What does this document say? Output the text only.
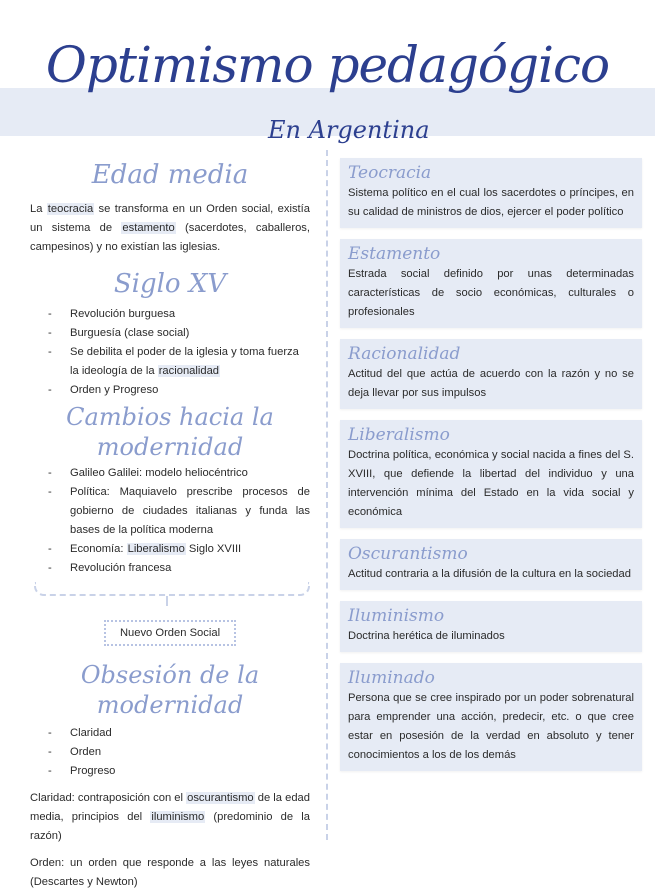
Optimismo pedagógico
En Argentina
Edad media

La teocracia se transforma en un Orden social, existía un sistema de estamento (sacerdotes, caballeros, campesinos) y no existían las iglesias.

Siglo XV
- Revolución burguesa
- Burguesía (clase social)
- Se debilita el poder de la iglesia y toma fuerza la ideología de la racionalidad
- Orden y Progreso
Cambios hacia la modernidad
- Galileo Galilei: modelo heliocéntrico
- Política: Maquiavelo prescribe procesos de gobierno de ciudades italianas y funda las bases de la política moderna
- Economía: Liberalismo Siglo XVIII
- Revolución francesa
Nuevo Orden Social
Obsesión de la modernidad
- Claridad
- Orden
- Progreso

Claridad: contraposición con el oscurantismo de la edad media, principios del iluminismo (predominio de la razón)

Orden: un orden que responde a las leyes naturales (Descartes y Newton)

Teocracia
Sistema político en el cual los sacerdotes o príncipes, en su calidad de ministros de dios, ejercer el poder político
Estamento
Estrada social definido por unas determinadas características de socio económicas, culturales o profesionales
Racionalidad
Actitud del que actúa de acuerdo con la razón y no se deja llevar por sus impulsos
Liberalismo
Doctrina política, económica y social nacida a fines del S. XVIII, que defiende la libertad del individuo y una intervención mínima del Estado en la vida social y económica
Oscurantismo
Actitud contraria a la difusión de la cultura en la sociedad
Iluminismo
Doctrina herética de iluminados
Iluminado
Persona que se cree inspirado por un poder sobrenatural para emprender una acción, predecir, etc. o que cree estar en posesión de la verdad en absoluto y tener conocimientos a los de los demás
